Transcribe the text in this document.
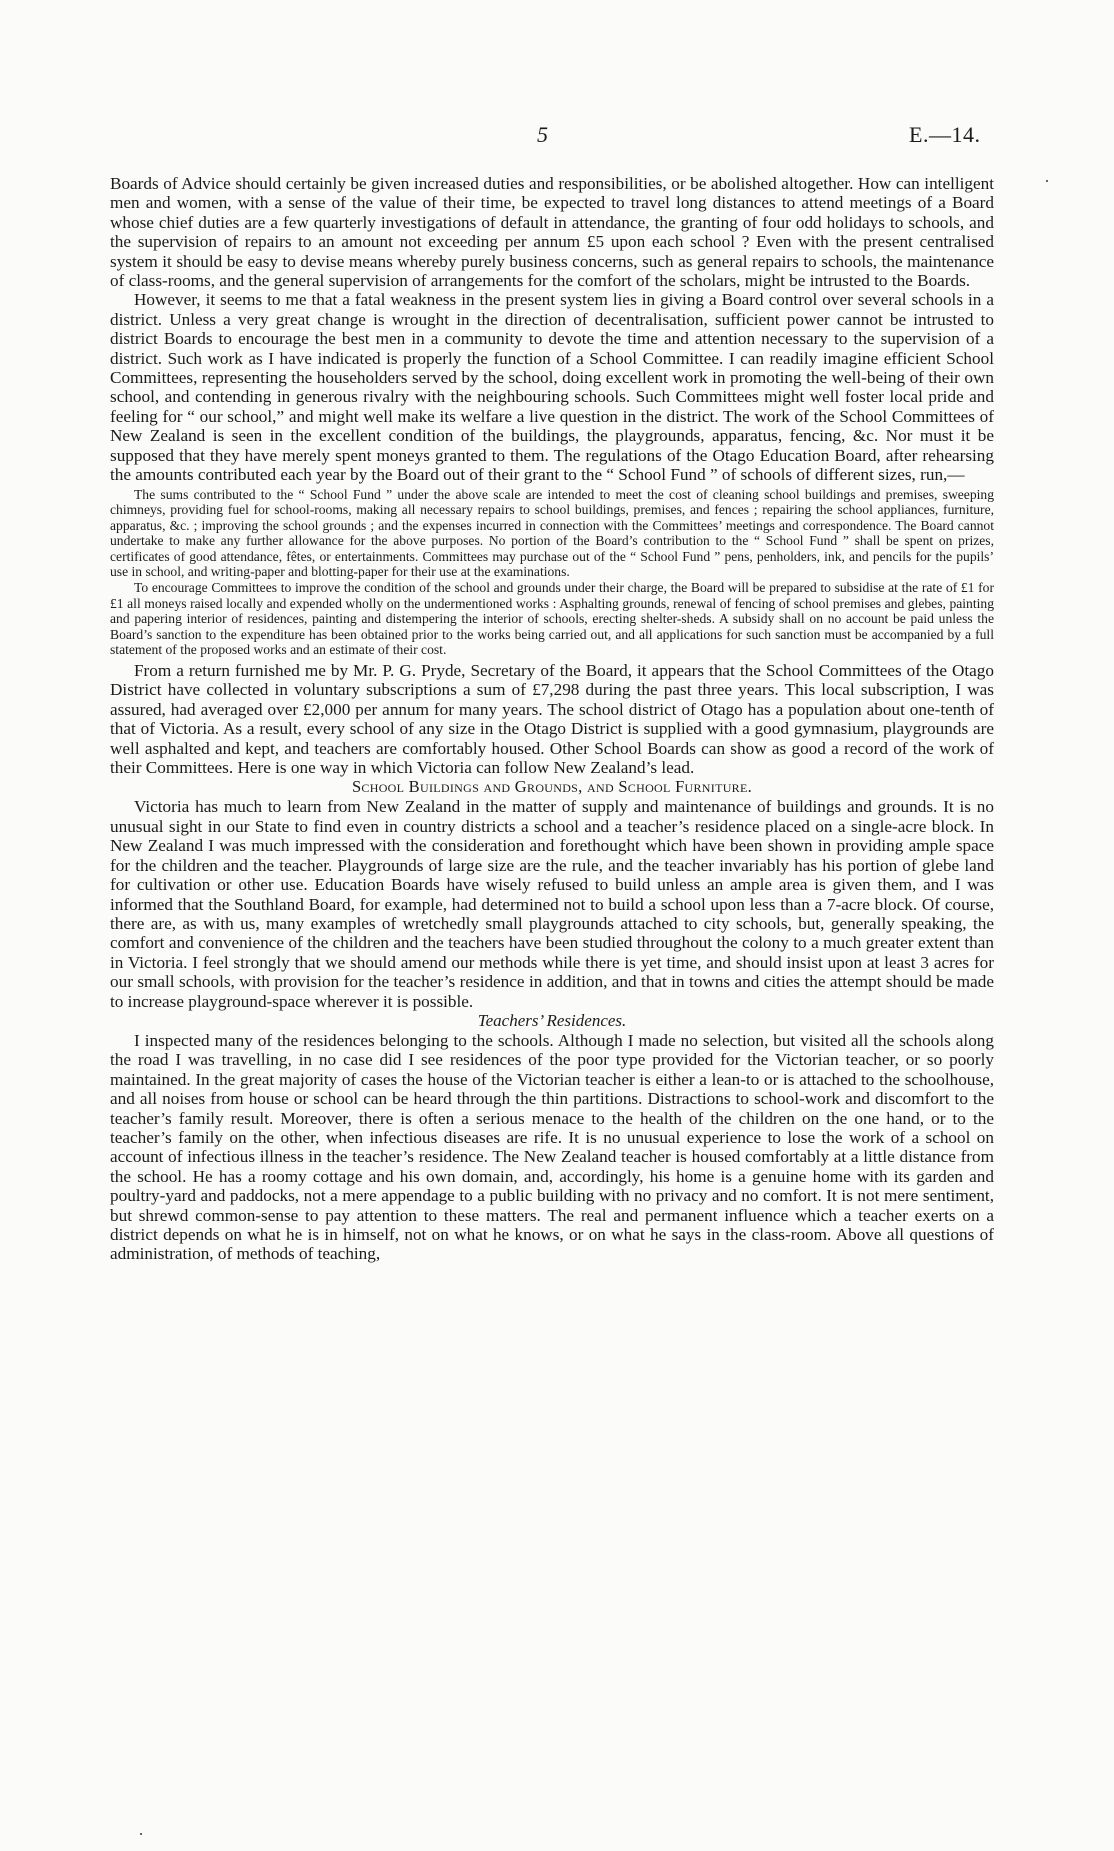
5	E.—14.

Boards of Advice should certainly be given increased duties and responsibilities, or be abolished altogether. How can intelligent men and women, with a sense of the value of their time, be expected to travel long distances to attend meetings of a Board whose chief duties are a few quarterly investigations of default in attendance, the granting of four odd holidays to schools, and the supervision of repairs to an amount not exceeding per annum £5 upon each school ? Even with the present centralised system it should be easy to devise means whereby purely business concerns, such as general repairs to schools, the maintenance of class-rooms, and the general supervision of arrangements for the comfort of the scholars, might be intrusted to the Boards.

However, it seems to me that a fatal weakness in the present system lies in giving a Board control over several schools in a district. Unless a very great change is wrought in the direction of decentralisation, sufficient power cannot be intrusted to district Boards to encourage the best men in a community to devote the time and attention necessary to the supervision of a district. Such work as I have indicated is properly the function of a School Committee. I can readily imagine efficient School Committees, representing the householders served by the school, doing excellent work in promoting the well-being of their own school, and contending in generous rivalry with the neighbouring schools. Such Committees might well foster local pride and feeling for “ our school,” and might well make its welfare a live question in the district. The work of the School Committees of New Zealand is seen in the excellent condition of the buildings, the playgrounds, apparatus, fencing, &c. Nor must it be supposed that they have merely spent moneys granted to them. The regulations of the Otago Education Board, after rehearsing the amounts contributed each year by the Board out of their grant to the “ School Fund ” of schools of different sizes, run,—

The sums contributed to the “ School Fund ” under the above scale are intended to meet the cost of cleaning school buildings and premises, sweeping chimneys, providing fuel for school-rooms, making all necessary repairs to school buildings, premises, and fences ; repairing the school appliances, furniture, apparatus, &c. ; improving the school grounds ; and the expenses incurred in connection with the Committees’ meetings and correspondence. The Board cannot undertake to make any further allowance for the above purposes. No portion of the Board’s contribution to the “ School Fund ” shall be spent on prizes, certificates of good attendance, fêtes, or entertainments. Committees may purchase out of the “ School Fund ” pens, penholders, ink, and pencils for the pupils’ use in school, and writing-paper and blotting-paper for their use at the examinations.

To encourage Committees to improve the condition of the school and grounds under their charge, the Board will be prepared to subsidise at the rate of £1 for £1 all moneys raised locally and expended wholly on the undermentioned works : Asphalting grounds, renewal of fencing of school premises and glebes, painting and papering interior of residences, painting and distempering the interior of schools, erecting shelter-sheds. A subsidy shall on no account be paid unless the Board’s sanction to the expenditure has been obtained prior to the works being carried out, and all applications for such sanction must be accompanied by a full statement of the proposed works and an estimate of their cost.

From a return furnished me by Mr. P. G. Pryde, Secretary of the Board, it appears that the School Committees of the Otago District have collected in voluntary subscriptions a sum of £7,298 during the past three years. This local subscription, I was assured, had averaged over £2,000 per annum for many years. The school district of Otago has a population about one-tenth of that of Victoria. As a result, every school of any size in the Otago District is supplied with a good gymnasium, playgrounds are well asphalted and kept, and teachers are comfortably housed. Other School Boards can show as good a record of the work of their Committees. Here is one way in which Victoria can follow New Zealand’s lead.

School Buildings and Grounds, and School Furniture.

Victoria has much to learn from New Zealand in the matter of supply and maintenance of buildings and grounds. It is no unusual sight in our State to find even in country districts a school and a teacher’s residence placed on a single-acre block. In New Zealand I was much impressed with the consideration and forethought which have been shown in providing ample space for the children and the teacher. Playgrounds of large size are the rule, and the teacher invariably has his portion of glebe land for cultivation or other use. Education Boards have wisely refused to build unless an ample area is given them, and I was informed that the Southland Board, for example, had determined not to build a school upon less than a 7-acre block. Of course, there are, as with us, many examples of wretchedly small playgrounds attached to city schools, but, generally speaking, the comfort and convenience of the children and the teachers have been studied throughout the colony to a much greater extent than in Victoria. I feel strongly that we should amend our methods while there is yet time, and should insist upon at least 3 acres for our small schools, with provision for the teacher’s residence in addition, and that in towns and cities the attempt should be made to increase playground-space wherever it is possible.

Teachers’ Residences.

I inspected many of the residences belonging to the schools. Although I made no selection, but visited all the schools along the road I was travelling, in no case did I see residences of the poor type provided for the Victorian teacher, or so poorly maintained. In the great majority of cases the house of the Victorian teacher is either a lean-to or is attached to the schoolhouse, and all noises from house or school can be heard through the thin partitions. Distractions to school-work and discomfort to the teacher’s family result. Moreover, there is often a serious menace to the health of the children on the one hand, or to the teacher’s family on the other, when infectious diseases are rife. It is no unusual experience to lose the work of a school on account of infectious illness in the teacher’s residence. The New Zealand teacher is housed comfortably at a little distance from the school. He has a roomy cottage and his own domain, and, accordingly, his home is a genuine home with its garden and poultry-yard and paddocks, not a mere appendage to a public building with no privacy and no comfort. It is not mere sentiment, but shrewd common-sense to pay attention to these matters. The real and permanent influence which a teacher exerts on a district depends on what he is in himself, not on what he knows, or on what he says in the class-room. Above all questions of administration, of methods of teaching,
